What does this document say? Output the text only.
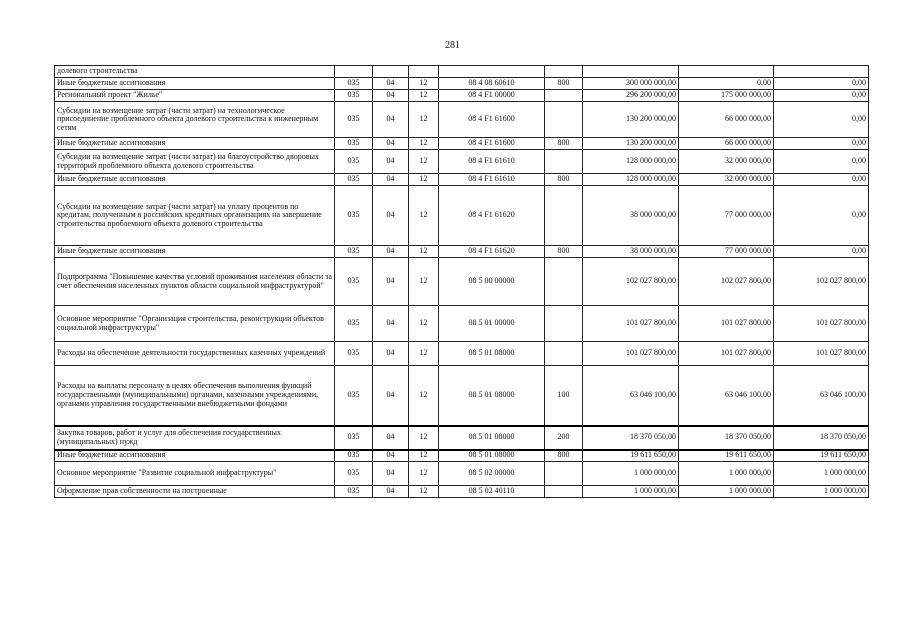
281
долевого строительства								
Иные бюджетные ассигнования	035	04	12	08 4 08 60610	800	300 000 000,00	0,00	0,00
Региональный проект "Жилье"	035	04	12	08 4 F1 00000		296 200 000,00	175 000 000,00	0,00
Субсидии на возмещение затрат (части затрат) на технологическое присоединение проблемного объекта долевого строительства к инженерным сетям	035	04	12	08 4 F1 61600		130 200 000,00	66 000 000,00	0,00
Иные бюджетные ассигнования	035	04	12	08 4 F1 61600	800	130 200 000,00	66 000 000,00	0,00
Субсидии на возмещение затрат (части затрат) на благоустройство дворовых территорий проблемного объекта долевого строительства	035	04	12	08 4 F1 61610		128 000 000,00	32 000 000,00	0,00
Иные бюджетные ассигнования	035	04	12	08 4 F1 61610	800	128 000 000,00	32 000 000,00	0,00
Субсидии на возмещение затрат (части затрат) на уплату процентов по кредитам, полученным в российских кредитных организациях на завершение строительства проблемного объекта долевого строительства	035	04	12	08 4 F1 61620		38 000 000,00	77 000 000,00	0,00
Иные бюджетные ассигнования	035	04	12	08 4 F1 61620	800	38 000 000,00	77 000 000,00	0,00
Подпрограмма "Повышение качества условий проживания населения области за счет обеспечения населенных пунктов области социальной инфраструктурой"	035	04	12	08 5 00 00000		102 027 800,00	102 027 800,00	102 027 800,00
Основное мероприятие "Организация строительства, реконструкции объектов социальной инфраструктуры"	035	04	12	08 5 01 00000		101 027 800,00	101 027 800,00	101 027 800,00
Расходы на обеспечение деятельности государственных казенных учреждений	035	04	12	08 5 01 08000		101 027 800,00	101 027 800,00	101 027 800,00
Расходы на выплаты персоналу в целях обеспечения выполнения функций государственными (муниципальными) органами, казенными учреждениями, органами управления государственными внебюджетными фондами	035	04	12	08 5 01 08000	100	63 046 100,00	63 046 100,00	63 046 100,00
Закупка товаров, работ и услуг для обеспечения государственных (муниципальных) нужд	035	04	12	08 5 01 08000	200	18 370 050,00	18 370 050,00	18 370 050,00
Иные бюджетные ассигнования	035	04	12	08 5 01 08000	800	19 611 650,00	19 611 650,00	19 611 650,00
Основное мероприятие "Развитие социальной инфраструктуры"	035	04	12	08 5 02 00000		1 000 000,00	1 000 000,00	1 000 000,00
Оформление прав собственности на построенные	035	04	12	08 5 02 40110		1 000 000,00	1 000 000,00	1 000 000,00
